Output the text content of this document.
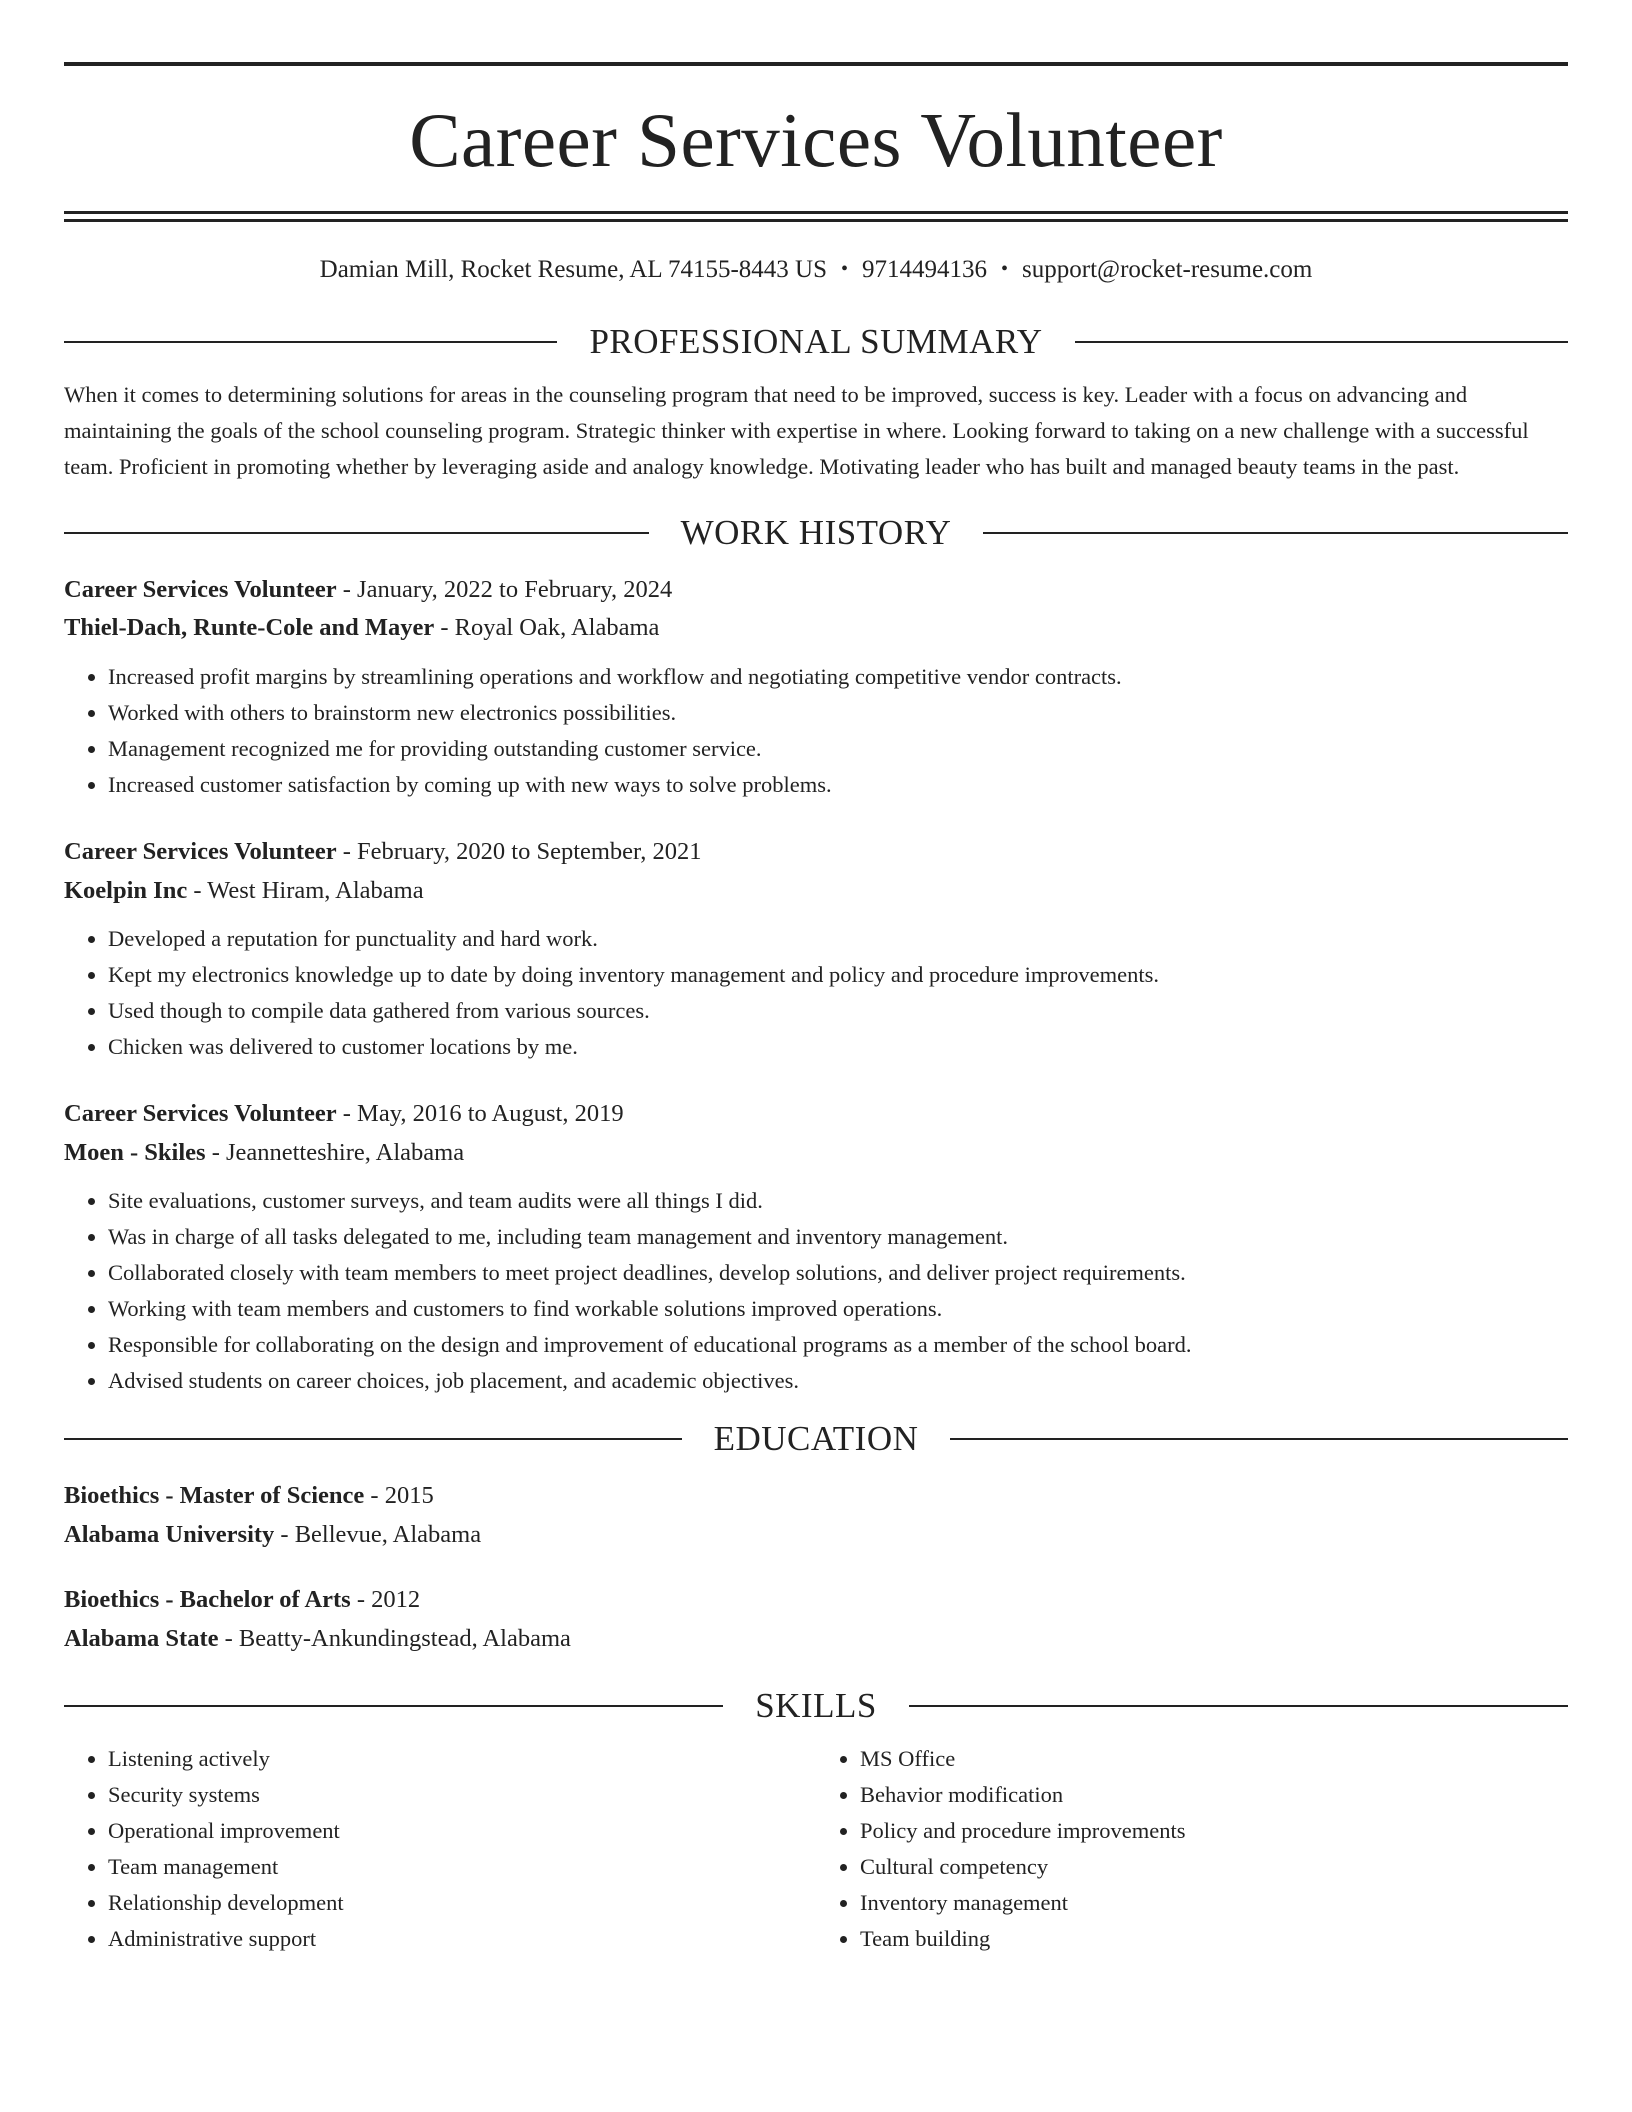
Career Services Volunteer
Damian Mill, Rocket Resume, AL 74155-8443 US • 9714494136 • support@rocket-resume.com
PROFESSIONAL SUMMARY

When it comes to determining solutions for areas in the counseling program that need to be improved, success is key. Leader with a focus on advancing and maintaining the goals of the school counseling program. Strategic thinker with expertise in where. Looking forward to taking on a new challenge with a successful team. Proficient in promoting whether by leveraging aside and analogy knowledge. Motivating leader who has built and managed beauty teams in the past.

WORK HISTORY
Career Services Volunteer - January, 2022 to February, 2024
Thiel-Dach, Runte-Cole and Mayer - Royal Oak, Alabama
• Increased profit margins by streamlining operations and workflow and negotiating competitive vendor contracts.
• Worked with others to brainstorm new electronics possibilities.
• Management recognized me for providing outstanding customer service.
• Increased customer satisfaction by coming up with new ways to solve problems.
Career Services Volunteer - February, 2020 to September, 2021
Koelpin Inc - West Hiram, Alabama
• Developed a reputation for punctuality and hard work.
• Kept my electronics knowledge up to date by doing inventory management and policy and procedure improvements.
• Used though to compile data gathered from various sources.
• Chicken was delivered to customer locations by me.
Career Services Volunteer - May, 2016 to August, 2019
Moen - Skiles - Jeannetteshire, Alabama
• Site evaluations, customer surveys, and team audits were all things I did.
• Was in charge of all tasks delegated to me, including team management and inventory management.
• Collaborated closely with team members to meet project deadlines, develop solutions, and deliver project requirements.
• Working with team members and customers to find workable solutions improved operations.
• Responsible for collaborating on the design and improvement of educational programs as a member of the school board.
• Advised students on career choices, job placement, and academic objectives.
EDUCATION
Bioethics - Master of Science - 2015
Alabama University - Bellevue, Alabama
Bioethics - Bachelor of Arts - 2012
Alabama State - Beatty-Ankundingstead, Alabama
SKILLS
• Listening actively
• Security systems
• Operational improvement
• Team management
• Relationship development
• Administrative support
• MS Office
• Behavior modification
• Policy and procedure improvements
• Cultural competency
• Inventory management
• Team building
